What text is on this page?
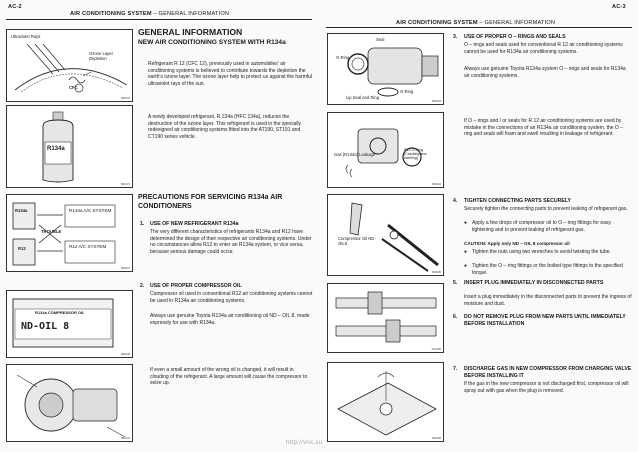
AC-2
AIR CONDITIONING SYSTEM – GENERAL INFORMATION
AC-3
AIR CONDITIONING SYSTEM – GENERAL INFORMATION
Ultraviolet Rays
Ozone Layer Depletion
CFC
N00137
R134a
N00174
R134a	R134a A/C SYSTEM
TROUBLE
R12	R12 A/C SYSTEM
N00127
R134a COMPRESSOR OIL
ND-OIL 8
N00128
N00131
GENERAL INFORMATION
NEW AIR CONDITIONING SYSTEM WITH R134a
Refrigerant R 12 (CFC 12), previously used in automobiles' air conditioning systems is believed to contribute towards the depletion the earth's ozone layer. The ozone layer help to protect us against the harmful ultraviolet rays of the sun.
A newly developed refrigerant, R 134a (HFC 134a), reduces the destruction of the ozone layer. This refrigerant is used in the specially redesigned air conditioning systems fitted into the AT190, ST191 and CT190 series vehicle.
PRECAUTIONS FOR SERVICING R134a AIR CONDITIONERS
1. USE OF NEW REFRIGERANT R134a
The very different characteristics of refrigerants R134a and R12 have determined the design of their respective air conditioning systems. Under no circumstances allow R12 to enter an R134a system, or vice versa, because serious damage could occur.
2. USE OF PROPER COMPRESSOR OIL
Compressor oil used in conventional R12 air conditioning systems cannot be used in R134a air conditioning systems.
Always use genuine Toyota R134a air conditioning oil ND – OIL 8, made expressly for use with R134a.
If even a small amount of the wrong oil is changed, it will result in clouding of the refrigerant. A large amount will cause the compressor to seize up.
Seal
O-Ring
Lip Seal and Ring
O-Ring
N00133
Gas (R134a) Leakage
R12 O-Ring (Cracking and swelling)
N00134
Compressor Oil ND-OIL8
N00135
AC1006
N00136
3. USE OF PROPER O – RINGS AND SEALS
O – rings and seals used for conventional R 12 air conditioning systems cannot be used for R134a air conditioning systems.
Always use genuine Toyota R134a system O – rings and seals for R134a air conditioning systems.
If O – rings and / or seals for R 12 air conditioning systems are used by mistake in the connections of an R134a air conditioning system, the O – ring and seals will foam and swell resulting in leakage of refrigerant.
4. TIGHTEN CONNECTING PARTS SECURELY
Securely tighten the connecting parts to prevent leaking of refrigerant gas.
● Apply a few drops of compressor oil to O – ring fittings for easy tightening and to prevent leaking of refrigerant gas.
CAUTION: Apply only ND – OIL 8 compressor oil
● Tighten the nuts using two wrenches to avoid twisting the tube.
● Tighten the O – ring fittings or the bolted type fittings to the specified torque.
5. INSERT PLUG IMMEDIATELY IN DISCONNECTED PARTS
Insert a plug immediately in the disconnected parts to prevent the ingress of moisture and dust.
6. DO NOT REMOVE PLUG FROM NEW PARTS UNTIL IMMEDIATELY BEFORE INSTALLATION
7. DISCHARGE GAS IN NEW COMPRESSOR FROM CHARGING VALVE BEFORE INSTALLING IT
If the gas in the new compressor is not discharged first, compressor oil will spray out with gas when the plug is removed.
http://vnx.su
